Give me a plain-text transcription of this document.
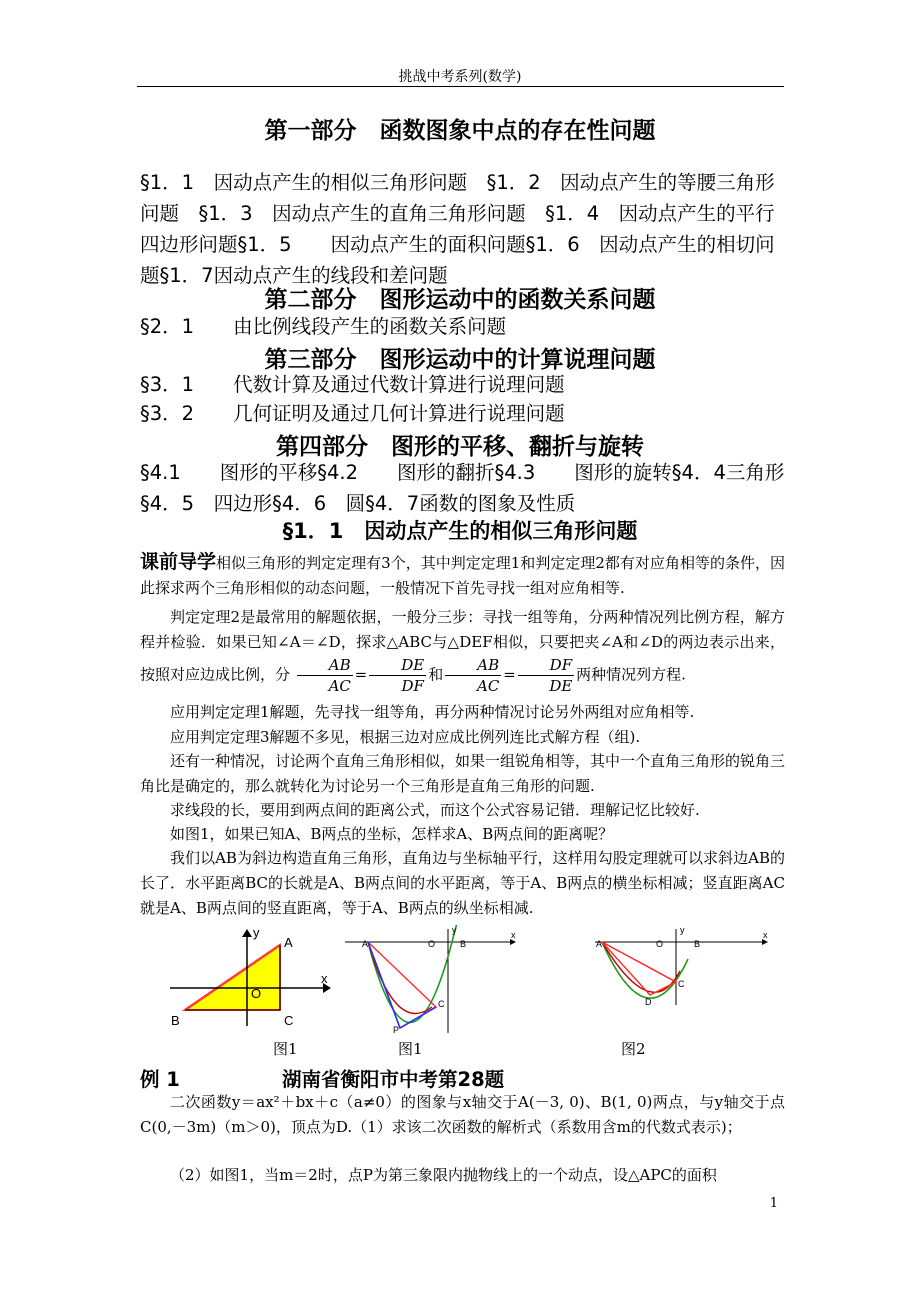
挑战中考系列(数学)
第一部分　函数图象中点的存在性问题
§1．1　因动点产生的相似三角形问题　§1．2　因动点产生的等腰三角形问题　§1．3　因动点产生的直角三角形问题　§1．4　因动点产生的平行四边形问题§1．5　　因动点产生的面积问题§1．6　因动点产生的相切问题§1．7因动点产生的线段和差问题
第二部分　图形运动中的函数关系问题
§2．1　　由比例线段产生的函数关系问题
第三部分　图形运动中的计算说理问题
§3．1　　代数计算及通过代数计算进行说理问题
§3．2　　几何证明及通过几何计算进行说理问题
第四部分　图形的平移、翻折与旋转
§4.1　　图形的平移§4.2　　图形的翻折§4.3　　图形的旋转§4．4三角形§4．5　四边形§4．6　圆§4．7函数的图象及性质
§1．1　因动点产生的相似三角形问题
课前导学相似三角形的判定定理有3个，其中判定定理1和判定定理2都有对应角相等的条件，因此探求两个三角形相似的动态问题，一般情况下首先寻找一组对应角相等.
判定定理2是最常用的解题依据，一般分三步：寻找一组等角，分两种情况列比例方程，解方程并检验．如果已知∠A＝∠D，探求△ABC与△DEF相似，只要把夹∠A和∠D的两边表示出来，按照对应边成比例，分 $\frac{AB}{AC} = \frac{DE}{DF}$ 和 $\frac{AB}{AC} = \frac{DF}{DE}$ 两种情况列方程.
应用判定定理1解题，先寻找一组等角，再分两种情况讨论另外两组对应角相等.
应用判定定理3解题不多见，根据三边对应成比例列连比式解方程（组).
还有一种情况，讨论两个直角三角形相似，如果一组锐角相等，其中一个直角三角形的锐角三角比是确定的，那么就转化为讨论另一个三角形是直角三角形的问题.
求线段的长，要用到两点间的距离公式，而这个公式容易记错．理解记忆比较好.
如图1，如果已知A、B两点的坐标，怎样求A、B两点间的距离呢？
我们以AB为斜边构造直角三角形，直角边与坐标轴平行，这样用勾股定理就可以求斜边AB的长了．水平距离BC的长就是A、B两点间的水平距离，等于A、B两点的横坐标相减；竖直距离AC就是A、B两点间的竖直距离，等于A、B两点的纵坐标相减.
y
x
A
O
B	C
A	O	B
C
P
x
y
A	O	B
C
D
x
y
图1	图1	图2
例 1	湖南省衡阳市中考第28题
二次函数y＝ax²＋bx＋c（a≠0）的图象与x轴交于A(－3, 0)、B(1, 0)两点，与y轴交于点C(0,－3m)（m＞0)，顶点为D.（1）求该二次函数的解析式（系数用含m的代数式表示)；
（2）如图1，当m＝2时，点P为第三象限内抛物线上的一个动点，设△APC的面积
1
